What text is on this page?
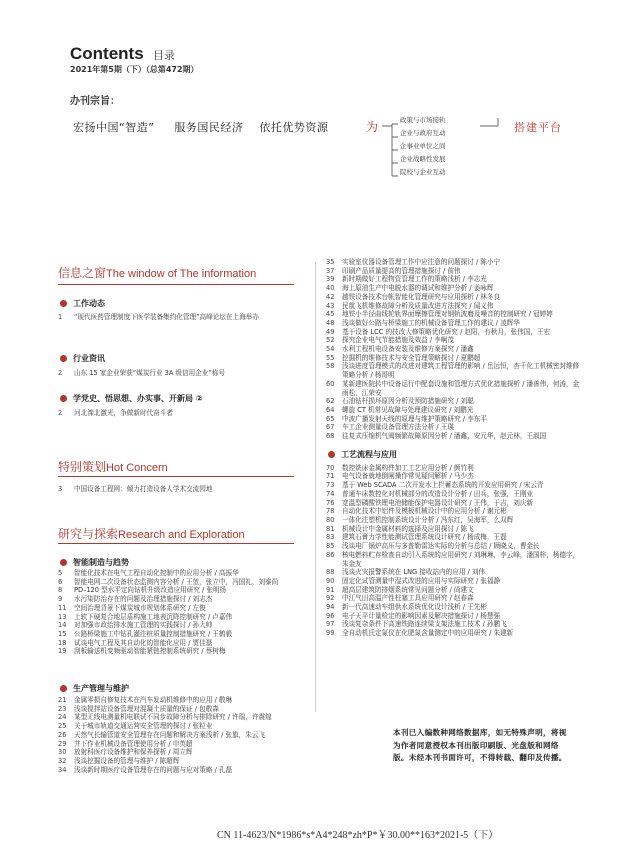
Contents 目录
2021年第5期（下）（总第472期）
办刊宗旨：
宏扬中国“智造” 服务国民经济 依托优势资源	为	搭建平台
政策与市场接轨
企业与政府互动
企事业单位之间
企业战略性发展
院校与企业互动
信息之窗The window of The information
工作动态
1	“现代医药管理制度下医学装备集约化管理”高峰论坛在上海举办
行业资讯
2	山东 15 家企业荣获“煤炭行业 3A 级信用企业”称号
学党史、悟思想、办实事、开新局 ②
2	河北滦北激光，争做新时代奋斗者
特别策划Hot Concern
3	中国设备工程网：倾力打造设备人学术交流园地
研究与探索Research and Exploration
智能制造与趋势
5	智能化技术在电气工程自动化控制中的应用分析 / 高振华
6	智能电网二次设备状态监测内容分析 / 王堃，张立中，冯国礼，刘泰尚
8	PD–120 型水平定向钻机升级改造应用研究 / 张明扬
9	水污染防治存在的问题及治理措施探讨 / 刘志杰
11	空间治理背景下煤炭城市规划体系研究 / 左俊
13	上软下硬复合地层盾构施工地表沉降控制研究 / 卢嘉伟
14	对加强市政给排水施工管理的实践探讨 / 孙大帅
15	公路桥梁施工中钻孔灌注桩质量控制措施研究 / 王鹤毅
18	试谈电气工程及其自动化的智能化应用 / 贾佳磊
19	刮板输送机变频驱动智能紧链控制系统研究 / 蔡树梅
生产管理与维护
21	金属零损自修复技术在汽车发动机维修中的应用 / 敬琳
23	浅谈搅拌站设备管理对混凝土质量的保证 / 包敬森
24	某型无线电测量机电联试不同步故障分析与排除研究 / 许瑞，许震煌
25	关于城市轨道交通运营安全管理的探讨 / 张粒业
26	天然气长输管道安全管理存在问题和解决方案浅析 / 张旗，朱云飞
29	井下作业机械设备管理使用分析 / 申英超
30	放射科医疗设备维护和保养探析 / 周立辉
32	浅谈挖掘设备的管理与维护 / 陈超辉
34	浅谈新时期医疗设备管理存在的问题与应对策略 / 孔磊
35	实验室仪器设备管理工作中应注意的问题探讨 / 陈小宁
37	印刷产品质量提高的管理措施探讨 / 前伟
39	新时期做好工程物资管理工作的策略浅析 / 李志光
40	海上原油生产中电脱水器的调试和维护分析 / 姜咏辉
42	越铁设备技术台帐智能化管理研究与应用探析 / 林冬良
43	民航飞机维修故障分析及质量改进方法探究 / 闻义伟
45	地铁小半径曲线轮轨界面摩擦管理对钢轨波磨及噪音的控制研究 / 冠婷婷
48	浅谈做好公路与桥梁施工的机械设备管理工作的建议 / 凌辉华
49	基于设备 LCC 的技改大修策略优化研究 / 赵阳，有秋月，张伟国，王宏
52	探究企业电气节能措施及效益 / 李啊茂
54	水利工程机电设备安装及维修方案探究 / 潘鑫
55	挖掘机的维修技术与安全管理策略探讨 / 夏鹏超
58	浅谈进度管理模式的改进对建筑工程管理的影响 / 岳远恒，杏千化工机械密封维修策略分析 / 杨哥明
60	某新建医院转中设备运行中配套设施和管理方式优化措施探析 / 潘善伟，何涛，金雨松，江荣安
62	石油钻杆损坏原因分析及预防措施研究 / 刘聪
64	螺旋 CT 机常见故障与处理建议研究 / 刘鹏光
65	中波广播发射天线的原理与维护策略研究 / 李东平
67	车工企业测量设备管理方法分析 / 王瑛
68	往复式压缩机气阀频繁故障原因分析 / 潘鑫，安元华，赵元林，王淑国
工艺流程与应用
70	数控铣床金属构件加工工艺应用分析 / 颜竹利
71	电气设备就地倒闸操作常见疑问解析 / 马少杰
73	基于 Web SCADA 二次开发水上拦蓄态系统的开发应用研究 / 宋云青
74	普通车床数控化对机械部分的改造设计分析 / 田兵，张强，王刚业
76	宽温型磷酸铁锂电池储能保护电器设计研究 / 王伟，于吉，刘庆新
78	自动化技术中铝件及模板机械设计中的应用分析 / 谢元彬
80	一体化注塑机控制系统设计分析 / 冯东红，吴海军，么双辉
81	机械设计中金属材料的选择及应用探讨 / 陈飞
83	建筑石膏力学性能测试管理系统设计研究 / 杨成梅，王磊
85	浅谈电厂锅炉高压与多普勒雷达实际的分析与总结 / 顾晓义，曹金长
86	核电燃料贮存检查自动引入系统的应用研究 / 刘琳琳，李云峰，潘国梓，杨德字，朱金友
88	浅谈火灾报警系统在 LNG 接收站内的应用 / 刘伟
90	固定化试管测量中湿式改进的应用与实际研究 / 张福静
91	超高层建筑防排烟系统常见问题分析 / 尚建文
92	中江气田高温产性柱塞工具应用研究 / 赵春森
94	新一代高速动车组供水系统优化设计浅析 / 王先彬
96	电子天平计量检定的影响因素及解决措施探讨 / 杨慧强
97	浅谈复杂条件下高速铁路连续梁支架法施工技术 / 孙鹏飞
99	全自动机氏定氮仪在化肥氮含量测定中的应用研究 / 朱建新
本刊已入编数种网络数据库，如无特殊声明，将视为作者同意授权本刊出版印刷版、光盘版和网络版。未经本刊书面许可，不得转载、翻印及传播。
CN 11-4623/N*1986*s*A4*248*zh*P*￥30.00**163*2021-5（下）
